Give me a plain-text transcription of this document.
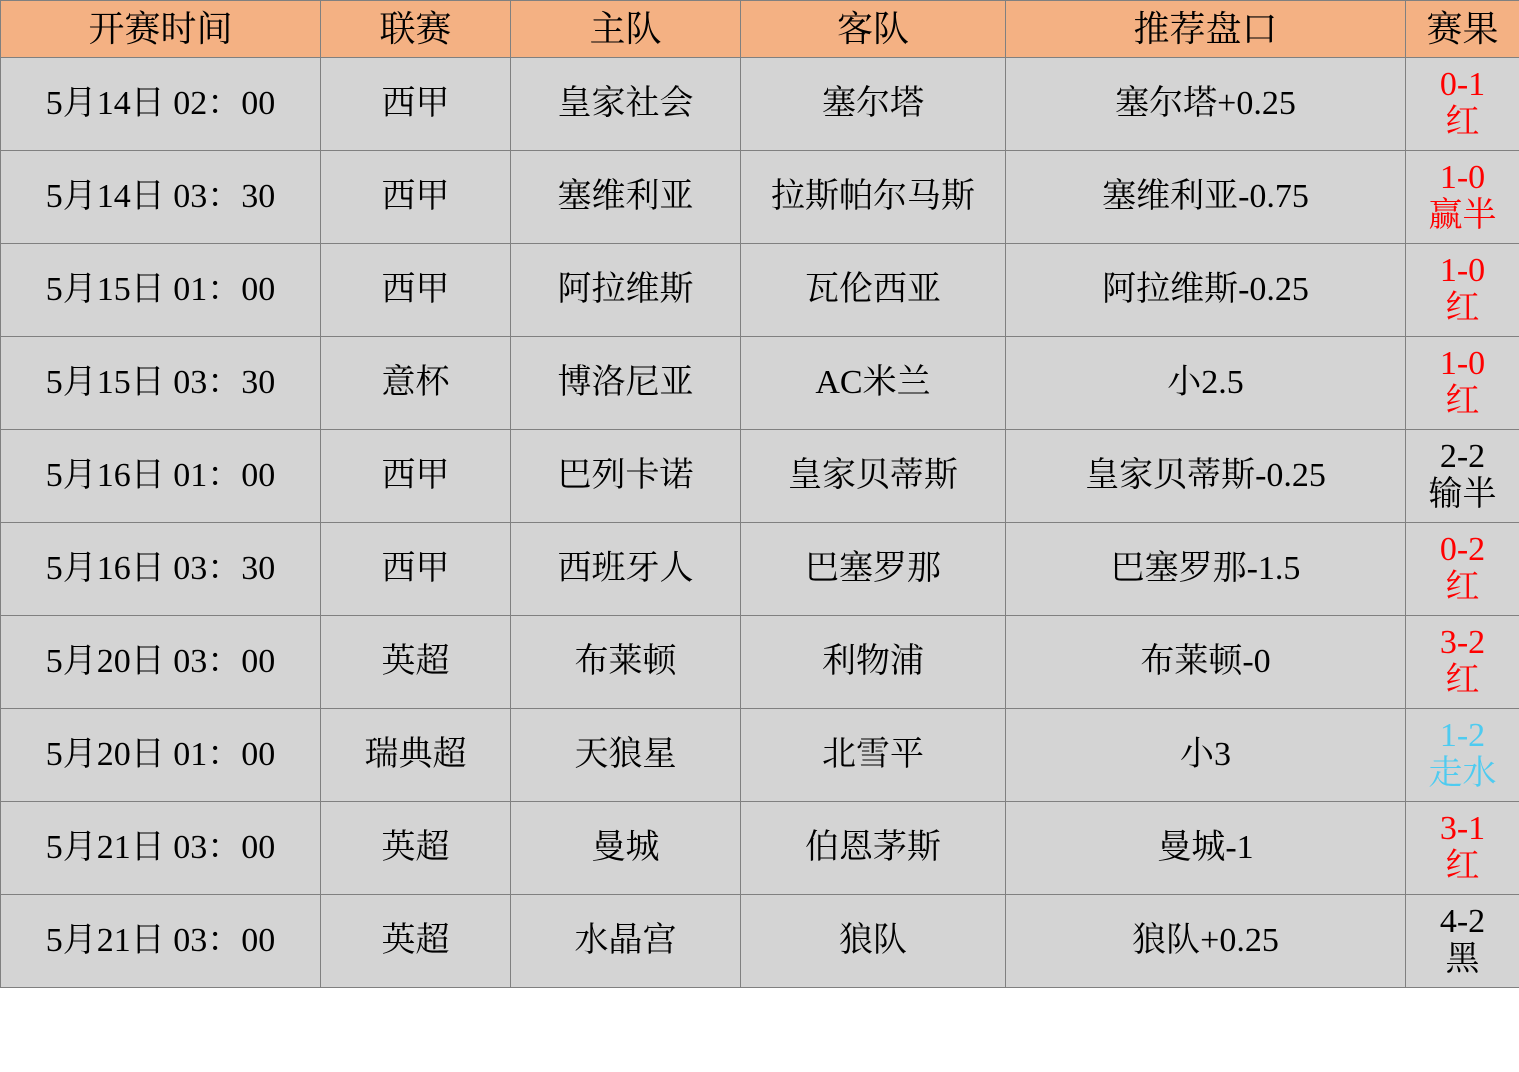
开赛时间	联赛	主队	客队	推荐盘口	赛果
5月14日 02：00	西甲	皇家社会	塞尔塔	塞尔塔+0.25	0-1
红

5月14日 03：30	西甲	塞维利亚	拉斯帕尔马斯	塞维利亚-0.75	1-0
赢半

5月15日 01：00	西甲	阿拉维斯	瓦伦西亚	阿拉维斯-0.25	1-0
红

5月15日 03：30	意杯	博洛尼亚	AC米兰	小2.5	1-0
红

5月16日 01：00	西甲	巴列卡诺	皇家贝蒂斯	皇家贝蒂斯-0.25	2-2
输半

5月16日 03：30	西甲	西班牙人	巴塞罗那	巴塞罗那-1.5	0-2
红

5月20日 03：00	英超	布莱顿	利物浦	布莱顿-0	3-2
红

5月20日 01：00	瑞典超	天狼星	北雪平	小3	1-2
走水

5月21日 03：00	英超	曼城	伯恩茅斯	曼城-1	3-1
红

5月21日 03：00	英超	水晶宫	狼队	狼队+0.25	4-2
黑
